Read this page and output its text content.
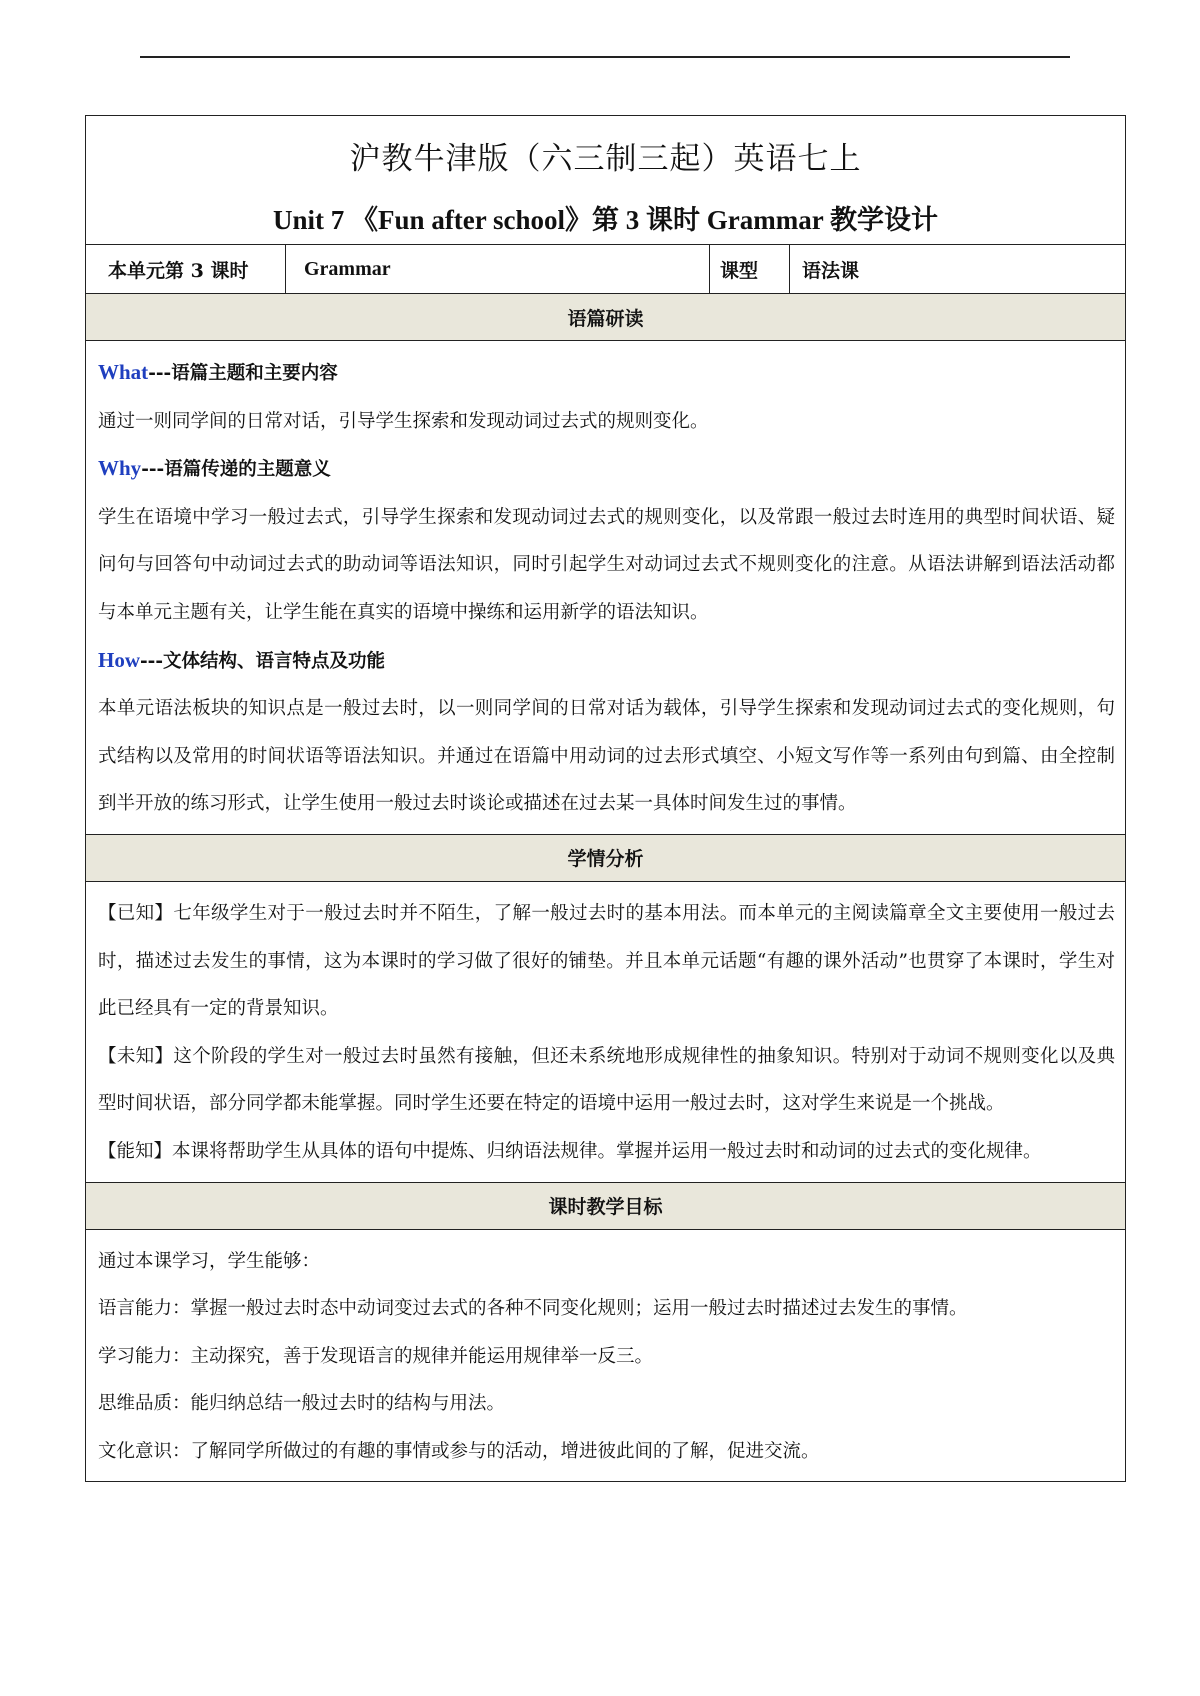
沪教牛津版（六三制三起）英语七上
Unit 7 《Fun after school》第 3 课时 Grammar 教学设计

本单元第 3 课时	Grammar	课型	语法课
语篇研读

What---语篇主题和主要内容

通过一则同学间的日常对话，引导学生探索和发现动词过去式的规则变化。

Why---语篇传递的主题意义

学生在语境中学习一般过去式，引导学生探索和发现动词过去式的规则变化，以及常跟一般过去时连用的典型时间状语、疑问句与回答句中动词过去式的助动词等语法知识，同时引起学生对动词过去式不规则变化的注意。从语法讲解到语法活动都与本单元主题有关，让学生能在真实的语境中操练和运用新学的语法知识。

How---文体结构、语言特点及功能

本单元语法板块的知识点是一般过去时，以一则同学间的日常对话为载体，引导学生探索和发现动词过去式的变化规则，句式结构以及常用的时间状语等语法知识。并通过在语篇中用动词的过去形式填空、小短文写作等一系列由句到篇、由全控制到半开放的练习形式，让学生使用一般过去时谈论或描述在过去某一具体时间发生过的事情。

学情分析

【已知】七年级学生对于一般过去时并不陌生，了解一般过去时的基本用法。而本单元的主阅读篇章全文主要使用一般过去时，描述过去发生的事情，这为本课时的学习做了很好的铺垫。并且本单元话题“有趣的课外活动”也贯穿了本课时，学生对此已经具有一定的背景知识。

【未知】这个阶段的学生对一般过去时虽然有接触，但还未系统地形成规律性的抽象知识。特别对于动词不规则变化以及典型时间状语，部分同学都未能掌握。同时学生还要在特定的语境中运用一般过去时，这对学生来说是一个挑战。

【能知】本课将帮助学生从具体的语句中提炼、归纳语法规律。掌握并运用一般过去时和动词的过去式的变化规律。

课时教学目标

通过本课学习，学生能够：

语言能力：掌握一般过去时态中动词变过去式的各种不同变化规则；运用一般过去时描述过去发生的事情。

学习能力：主动探究，善于发现语言的规律并能运用规律举一反三。

思维品质：能归纳总结一般过去时的结构与用法。

文化意识：了解同学所做过的有趣的事情或参与的活动，增进彼此间的了解，促进交流。
